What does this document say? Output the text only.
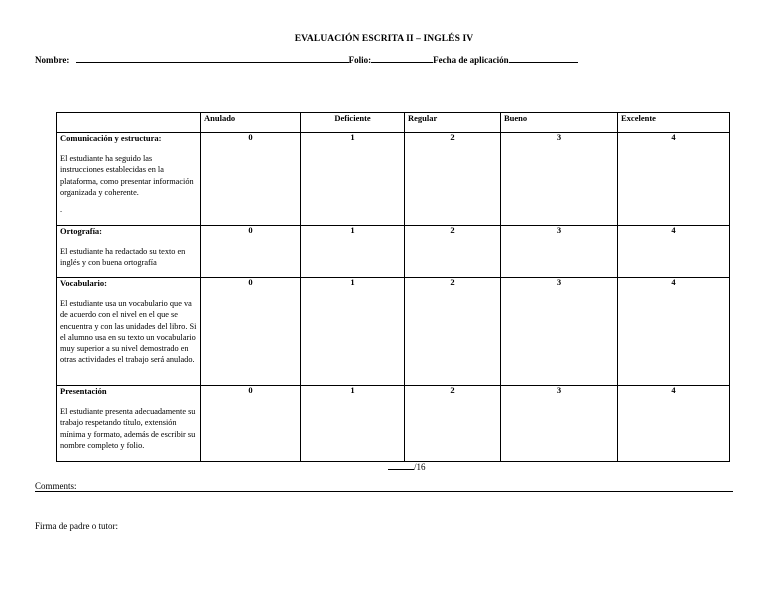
EVALUACIÓN ESCRITA II – INGLÉS IV
Nombre:	Folio:	Fecha de aplicación
	Anulado	Deficiente	Regular	Bueno	Excelente

Comunicación y estructura:
El estudiante ha seguido las instrucciones establecidas en la plataforma, como presentar información organizada y coherente.
.	0	1	2	3	4

Ortografía:
El estudiante ha redactado su texto en inglés y con buena ortografía	0	1	2	3	4

Vocabulario:
El estudiante usa un vocabulario que va de acuerdo con el nivel en el que se encuentra y con las unidades del libro. Si el alumno usa en su texto un vocabulario muy superior a su nivel demostrado en otras actividades el trabajo será anulado.	0	1	2	3	4

Presentación
El estudiante presenta adecuadamente su trabajo respetando título, extensión mínima y formato, además de escribir su nombre completo y folio.	0	1	2	3	4
/16
Comments:
Firma de padre o tutor:
